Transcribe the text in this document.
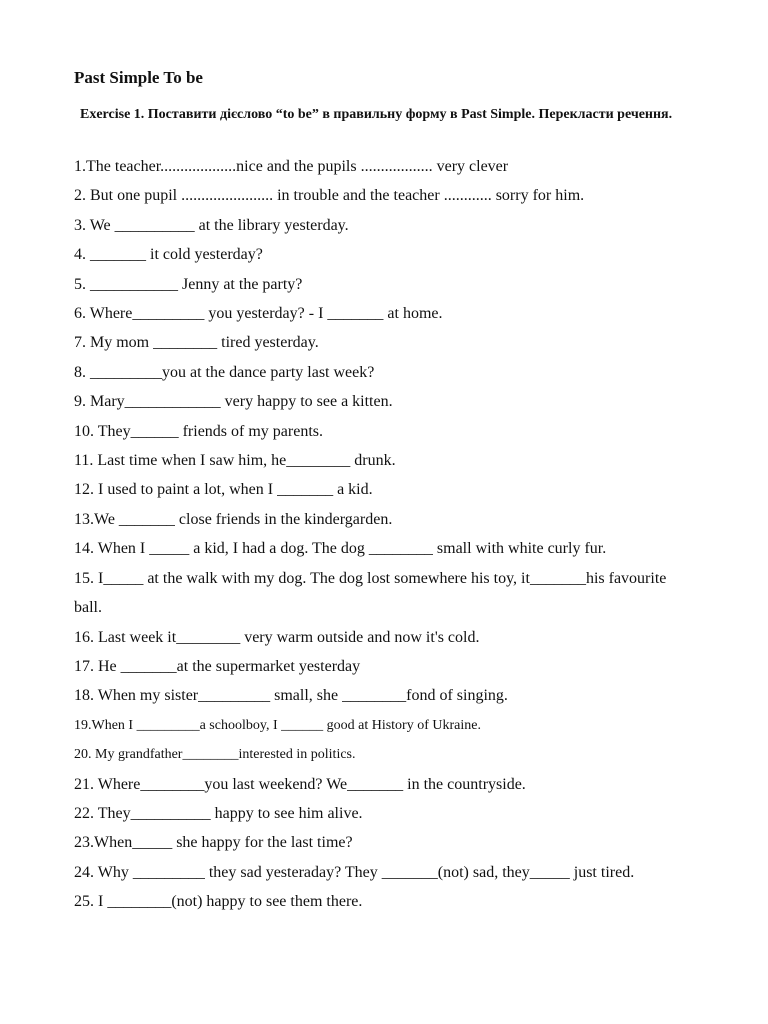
Past Simple To be
Exercise 1. Поставити дієслово “to be” в правильну форму в Past Simple. Перекласти речення.
1.The teacher...................nice and the pupils .................. very clever
2. But one pupil ....................... in trouble and the teacher ............ sorry for him.
3. We __________ at the library yesterday.
4. _______ it cold yesterday?
5. ___________ Jenny at the party?
6. Where_________ you yesterday? - I _______ at home.
7. My mom ________ tired yesterday.
8. _________you at the dance party last week?
9. Mary____________ very happy to see a kitten.
10. They______ friends of my parents.
11. Last time when I saw him, he________ drunk.
12. I used to paint a lot, when I _______ a kid.
13.We _______ close friends in the kindergarden.
14. When I _____ a kid, I had a dog. The dog ________ small with white curly fur.
15. I_____ at the walk with my dog. The dog lost somewhere his toy, it_______his favourite ball.
16. Last week it________ very warm outside and now it's cold.
17. He _______at the supermarket yesterday
18. When my sister_________ small, she ________fond of singing.
19.When I _________a schoolboy, I ______ good at History of Ukraine.
20. My grandfather________interested in politics.
21. Where________you last weekend? We_______ in the countryside.
22. They__________ happy to see him alive.
23.When_____ she happy for the last time?
24. Why _________ they sad yesteraday? They _______(not) sad, they_____ just tired.
25. I ________(not) happy to see them there.
